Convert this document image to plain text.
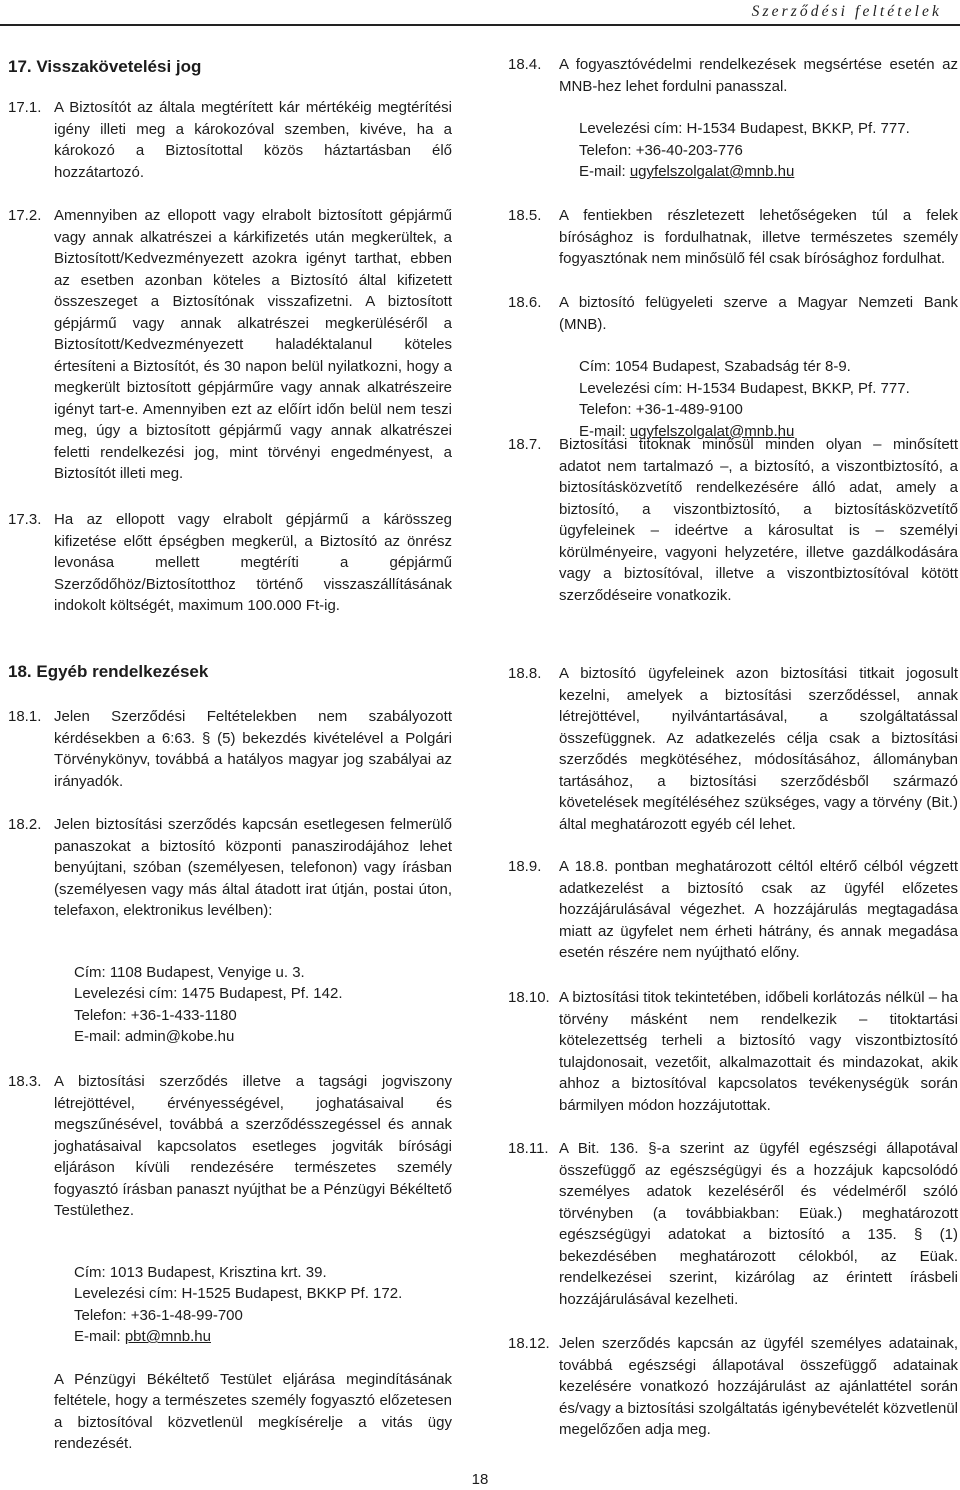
Szerződési feltételek
17. Visszakövetelési jog
17.1. A Biztosítót az általa megtérített kár mértékéig megtérítési igény illeti meg a károkozóval szemben, kivéve, ha a károkozó a Biztosítottal közös háztartásban élő hozzátartozó.

17.2. Amennyiben az ellopott vagy elrabolt biztosított gépjármű vagy annak alkatrészei a kárkifizetés után megkerültek, a Biztosított/Kedvezményezett azokra igényt tarthat, ebben az esetben azonban köteles a Biztosító által kifizetett összeszeget a Biztosítónak visszafizetni. A biztosított gépjármű vagy annak alkatrészei megkerüléséről a Biztosított/Kedvezményezett haladéktalanul köteles értesíteni a Biztosítót, és 30 napon belül nyilatkozni, hogy a megkerült biztosított gépjárműre vagy annak alkatrészeire igényt tart-e. Amennyiben ezt az előírt időn belül nem teszi meg, úgy a biztosított gépjármű vagy annak alkatrészei feletti rendelkezési jog, mint törvényi engedményest, a Biztosítót illeti meg.

17.3. Ha az ellopott vagy elrabolt gépjármű a kárösszeg kifizetése előtt épségben megkerül, a Biztosító az önrész levonása mellett megtéríti a gépjármű Szerződőhöz/Biztosítotthoz történő visszaszállításának indokolt költségét, maximum 100.000 Ft-ig.

18. Egyéb rendelkezések
18.1. Jelen Szerződési Feltételekben nem szabályozott kérdésekben a 6:63. § (5) bekezdés kivételével a Polgári Törvénykönyv, továbbá a hatályos magyar jog szabályai az irányadók.

18.2. Jelen biztosítási szerződés kapcsán esetlegesen felmerülő panaszokat a biztosító központi panaszirodájához lehet benyújtani, szóban (személyesen, telefonon) vagy írásban (személyesen vagy más által átadott irat útján, postai úton, telefaxon, elektronikus levélben):

Cím: 1108 Budapest, Venyige u. 3.
Levelezési cím: 1475 Budapest, Pf. 142.
Telefon: +36-1-433-1180
E-mail: admin@kobe.hu
18.3. A biztosítási szerződés illetve a tagsági jogviszony létrejöttével, érvényességével, joghatásaival és megszűnésével, továbbá a szerződésszegéssel és annak joghatásaival kapcsolatos esetleges jogviták bírósági eljáráson kívüli rendezésére természetes személy fogyasztó írásban panaszt nyújthat be a Pénzügyi Békéltető Testülethez.

Cím: 1013 Budapest, Krisztina krt. 39.
Levelezési cím: H-1525 Budapest, BKKP Pf. 172.
Telefon: +36-1-48-99-700
E-mail: pbt@mnb.hu

A Pénzügyi Békéltető Testület eljárása megindításának feltétele, hogy a természetes személy fogyasztó előzetesen a biztosítóval közvetlenül megkísérelje a vitás ügy rendezését.

18.4. A fogyasztóvédelmi rendelkezések megsértése esetén az MNB-hez lehet fordulni panasszal.

Levelezési cím: H-1534 Budapest, BKKP, Pf. 777.
Telefon: +36-40-203-776
E-mail: ugyfelszolgalat@mnb.hu
18.5. A fentiekben részletezett lehetőségeken túl a felek bírósághoz is fordulhatnak, illetve természetes személy fogyasztónak nem minősülő fél csak bírósághoz fordulhat.

18.6. A biztosító felügyeleti szerve a Magyar Nemzeti Bank (MNB).

Cím: 1054 Budapest, Szabadság tér 8-9.
Levelezési cím: H-1534 Budapest, BKKP, Pf. 777.
Telefon: +36-1-489-9100
E-mail: ugyfelszolgalat@mnb.hu
18.7. Biztosítási titoknak minősül minden olyan – minősített adatot nem tartalmazó –, a biztosító, a viszontbiztosító, a biztosításközvetítő rendelkezésére álló adat, amely a biztosító, a viszontbiztosító, a biztosításközvetítő ügyfeleinek – ideértve a károsultat is – személyi körülményeire, vagyoni helyzetére, illetve gazdálkodására vagy a biztosítóval, illetve a viszontbiztosítóval kötött szerződéseire vonatkozik.

18.8. A biztosító ügyfeleinek azon biztosítási titkait jogosult kezelni, amelyek a biztosítási szerződéssel, annak létrejöttével, nyilvántartásával, a szolgáltatással összefüggnek. Az adatkezelés célja csak a biztosítási szerződés megkötéséhez, módosításához, állományban tartásához, a biztosítási szerződésből származó követelések megítéléséhez szükséges, vagy a törvény (Bit.) által meghatározott egyéb cél lehet.

18.9. A 18.8. pontban meghatározott céltól eltérő célból végzett adatkezelést a biztosító csak az ügyfél előzetes hozzájárulásával végezhet. A hozzájárulás megtagadása miatt az ügyfelet nem érheti hátrány, és annak megadása esetén részére nem nyújtható előny.

18.10. A biztosítási titok tekintetében, időbeli korlátozás nélkül – ha törvény másként nem rendelkezik – titoktartási kötelezettség terheli a biztosító vagy viszontbiztosító tulajdonosait, vezetőit, alkalmazottait és mindazokat, akik ahhoz a biztosítóval kapcsolatos tevékenységük során bármilyen módon hozzájutottak.

18.11. A Bit. 136. §-a szerint az ügyfél egészségi állapotával összefüggő az egészségügyi és a hozzájuk kapcsolódó személyes adatok kezeléséről és védelméről szóló törvényben (a továbbiakban: Eüak.) meghatározott egészségügyi adatokat a biztosító a 135. § (1) bekezdésében meghatározott célokból, az Eüak. rendelkezései szerint, kizárólag az érintett írásbeli hozzájárulásával kezelheti.

18.12. Jelen szerződés kapcsán az ügyfél személyes adatainak, továbbá egészségi állapotával összefüggő adatainak kezelésére vonatkozó hozzájárulást az ajánlattétel során és/vagy a biztosítási szolgáltatás igénybevételét közvetlenül megelőzően adja meg.

18
